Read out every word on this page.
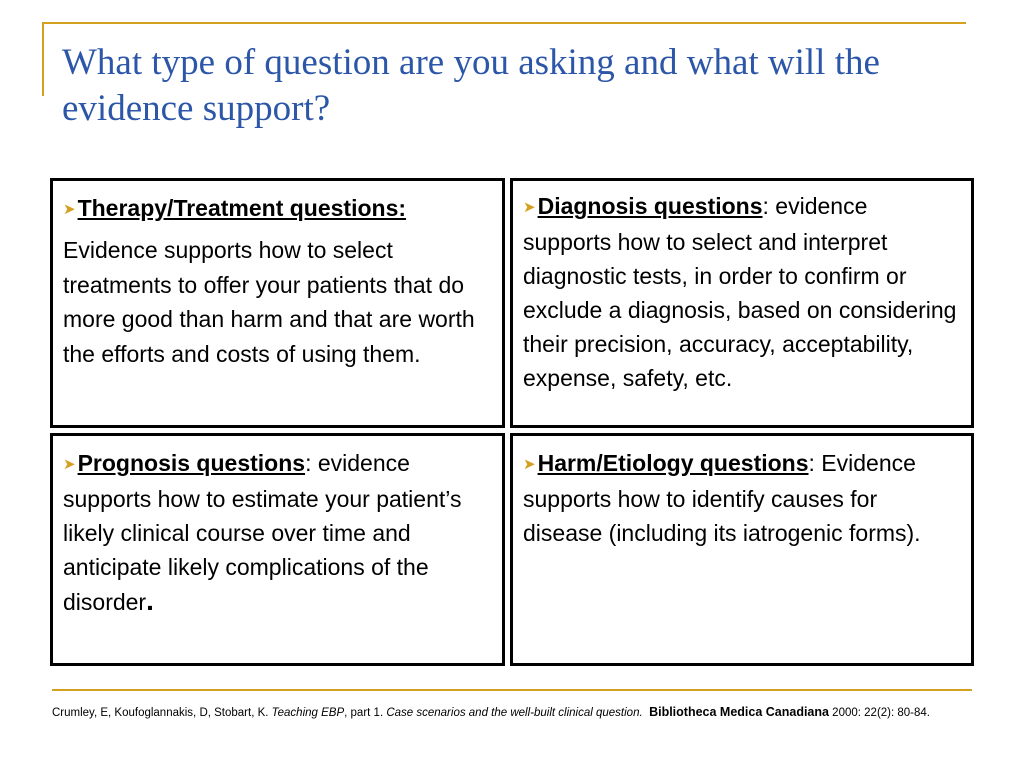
What type of question are you asking and what will the evidence support?
➤Therapy/Treatment questions:
Evidence supports how to select treatments to offer your patients that do more good than harm and that are worth the efforts and costs of using them.
➤Diagnosis questions: evidence supports how to select and interpret diagnostic tests, in order to confirm or exclude a diagnosis, based on considering their precision, accuracy, acceptability, expense, safety, etc.
➤Prognosis questions: evidence supports how to estimate your patient’s likely clinical course over time and anticipate likely complications of the disorder.
➤Harm/Etiology questions: Evidence supports how to identify causes for disease (including its iatrogenic forms).
Crumley, E, Koufoglannakis, D, Stobart, K. Teaching EBP, part 1. Case scenarios and the well-built clinical question. Bibliotheca Medica Canadiana 2000: 22(2): 80-84.
